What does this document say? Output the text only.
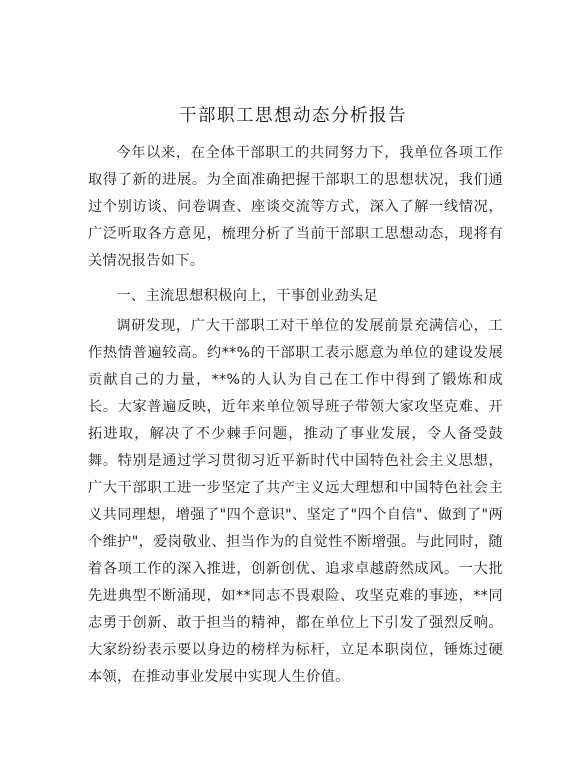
干部职工思想动态分析报告

今年以来，在全体干部职工的共同努力下，我单位各项工作取得了新的进展。为全面准确把握干部职工的思想状况，我们通过个别访谈、问卷调查、座谈交流等方式，深入了解一线情况，广泛听取各方意见，梳理分析了当前干部职工思想动态，现将有关情况报告如下。

一、主流思想积极向上，干事创业劲头足

调研发现，广大干部职工对干单位的发展前景充满信心，工作热情普遍较高。约**%的干部职工表示愿意为单位的建设发展贡献自己的力量，**%的人认为自己在工作中得到了锻炼和成长。大家普遍反映，近年来单位领导班子带领大家攻坚克难、开拓进取，解决了不少棘手问题，推动了事业发展，令人备受鼓舞。特别是通过学习贯彻习近平新时代中国特色社会主义思想，广大干部职工进一步坚定了共产主义远大理想和中国特色社会主义共同理想，增强了"四个意识"、坚定了"四个自信"、做到了"两个维护"，爱岗敬业、担当作为的自觉性不断增强。与此同时，随着各项工作的深入推进，创新创优、追求卓越蔚然成风。一大批先进典型不断涌现，如**同志不畏艰险、攻坚克难的事迹，**同志勇于创新、敢于担当的精神，都在单位上下引发了强烈反响。大家纷纷表示要以身边的榜样为标杆，立足本职岗位，锤炼过硬本领，在推动事业发展中实现人生价值。
